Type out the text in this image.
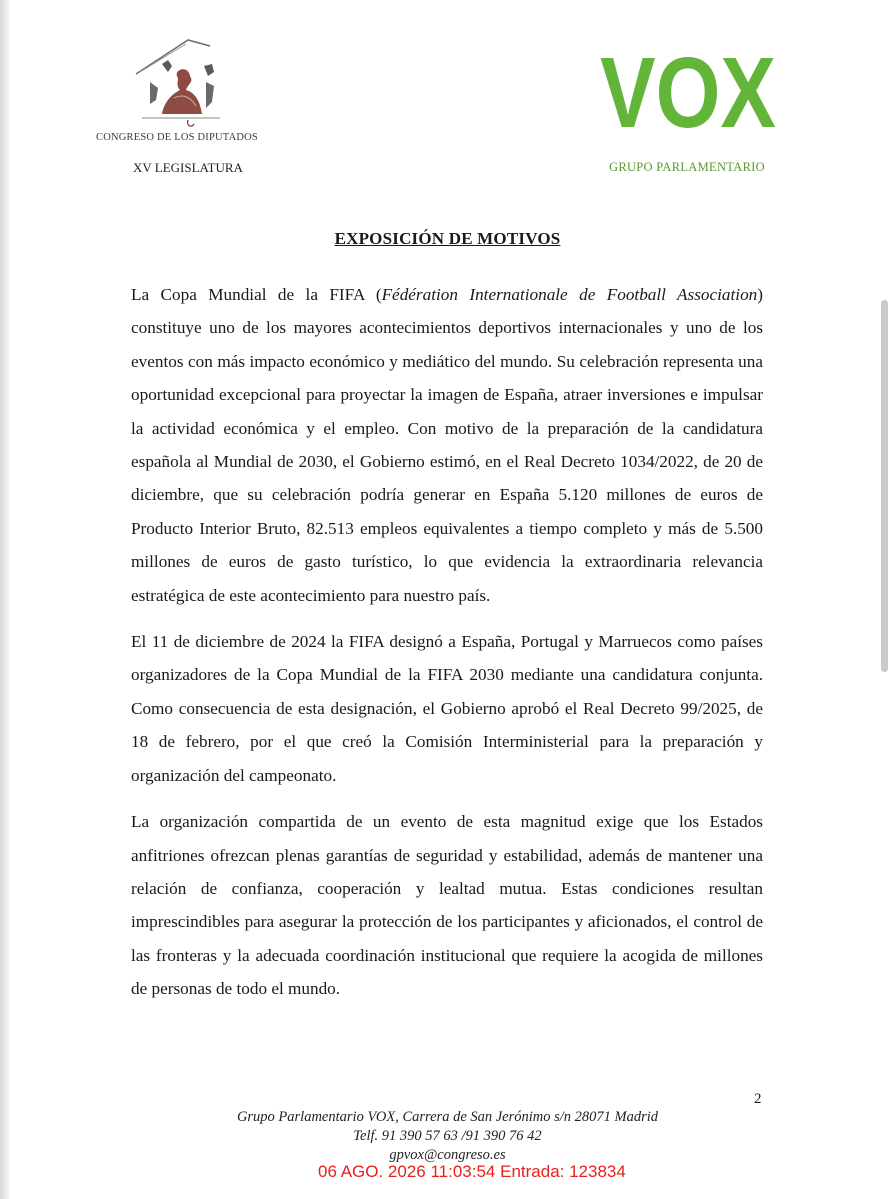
CONGRESO DE LOS DIPUTADOS
XV LEGISLATURA
VOX
GRUPO PARLAMENTARIO
EXPOSICIÓN DE MOTIVOS

La Copa Mundial de la FIFA (Fédération Internationale de Football Association) constituye uno de los mayores acontecimientos deportivos internacionales y uno de los eventos con más impacto económico y mediático del mundo. Su celebración representa una oportunidad excepcional para proyectar la imagen de España, atraer inversiones e impulsar la actividad económica y el empleo. Con motivo de la preparación de la candidatura española al Mundial de 2030, el Gobierno estimó, en el Real Decreto 1034/2022, de 20 de diciembre, que su celebración podría generar en España 5.120 millones de euros de Producto Interior Bruto, 82.513 empleos equivalentes a tiempo completo y más de 5.500 millones de euros de gasto turístico, lo que evidencia la extraordinaria relevancia estratégica de este acontecimiento para nuestro país.

El 11 de diciembre de 2024 la FIFA designó a España, Portugal y Marruecos como países organizadores de la Copa Mundial de la FIFA 2030 mediante una candidatura conjunta. Como consecuencia de esta designación, el Gobierno aprobó el Real Decreto 99/2025, de 18 de febrero, por el que creó la Comisión Interministerial para la preparación y organización del campeonato.

La organización compartida de un evento de esta magnitud exige que los Estados anfitriones ofrezcan plenas garantías de seguridad y estabilidad, además de mantener una relación de confianza, cooperación y lealtad mutua. Estas condiciones resultan imprescindibles para asegurar la protección de los participantes y aficionados, el control de las fronteras y la adecuada coordinación institucional que requiere la acogida de millones de personas de todo el mundo.

2
Grupo Parlamentario VOX, Carrera de San Jerónimo s/n 28071 Madrid
Telf. 91 390 57 63 /91 390 76 42
gpvox@congreso.es
06 AGO. 2026 11:03:54 Entrada: 123834
